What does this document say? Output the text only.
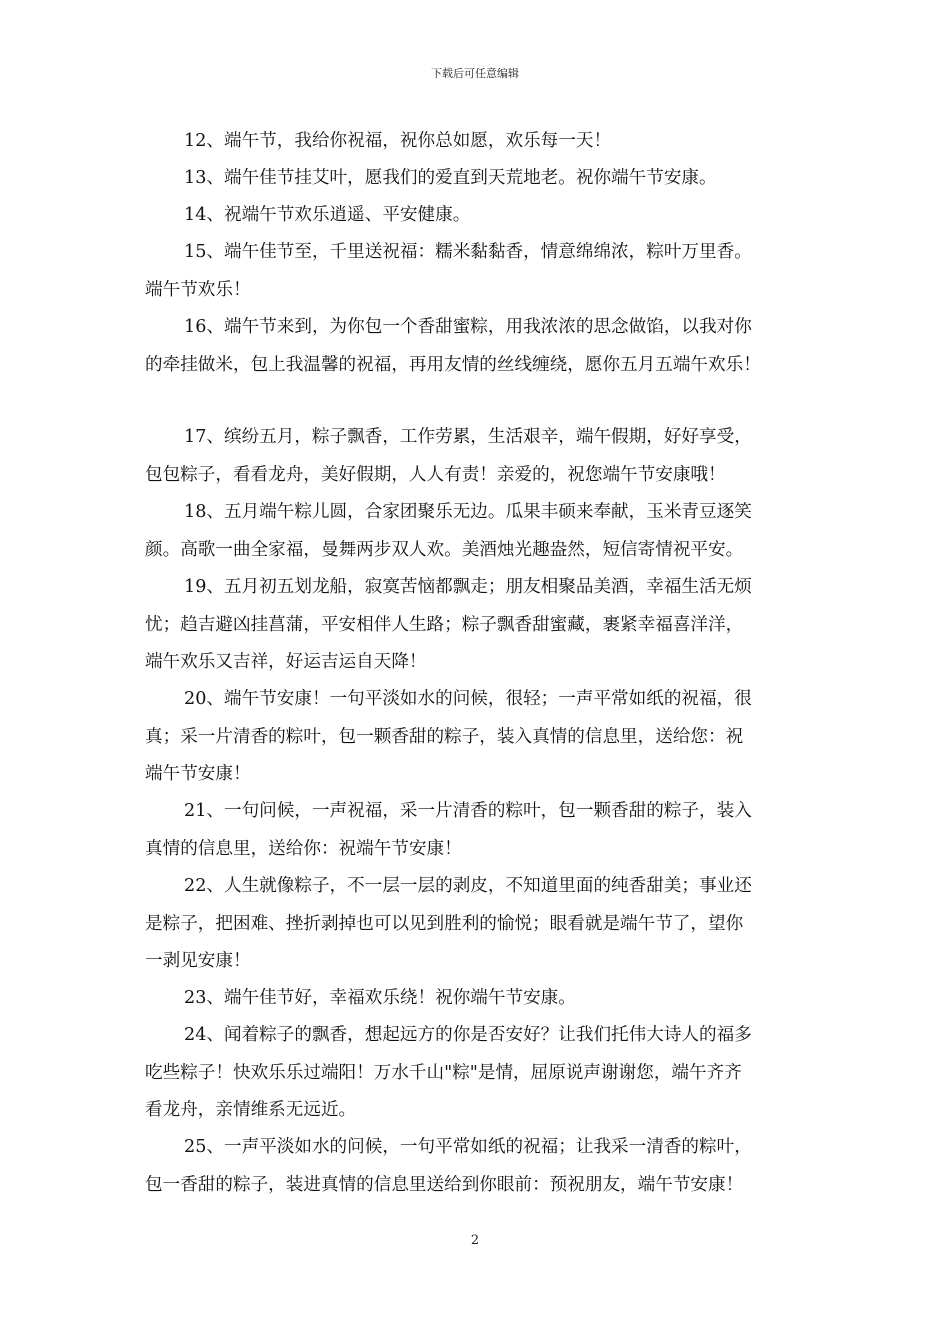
下载后可任意编辑
12、端午节，我给你祝福，祝你总如愿，欢乐每一天！
13、端午佳节挂艾叶，愿我们的爱直到天荒地老。祝你端午节安康。
14、祝端午节欢乐逍遥、平安健康。
15、端午佳节至，千里送祝福：糯米黏黏香，情意绵绵浓，粽叶万里香。
端午节欢乐！
16、端午节来到，为你包一个香甜蜜粽，用我浓浓的思念做馅，以我对你
的牵挂做米，包上我温馨的祝福，再用友情的丝线缠绕，愿你五月五端午欢乐！
17、缤纷五月，粽子飘香，工作劳累，生活艰辛，端午假期，好好享受，
包包粽子，看看龙舟，美好假期，人人有责！亲爱的，祝您端午节安康哦！
18、五月端午粽儿圆，合家团聚乐无边。瓜果丰硕来奉献，玉米青豆逐笑
颜。高歌一曲全家福，曼舞两步双人欢。美酒烛光趣盎然，短信寄情祝平安。
19、五月初五划龙船，寂寞苦恼都飘走；朋友相聚品美酒，幸福生活无烦
忧；趋吉避凶挂菖蒲，平安相伴人生路；粽子飘香甜蜜藏，裹紧幸福喜洋洋，
端午欢乐又吉祥，好运吉运自天降！
20、端午节安康！一句平淡如水的问候，很轻；一声平常如纸的祝福，很
真；采一片清香的粽叶，包一颗香甜的粽子，装入真情的信息里，送给您：祝
端午节安康！
21、一句问候，一声祝福，采一片清香的粽叶，包一颗香甜的粽子，装入
真情的信息里，送给你：祝端午节安康！
22、人生就像粽子，不一层一层的剥皮，不知道里面的纯香甜美；事业还
是粽子，把困难、挫折剥掉也可以见到胜利的愉悦；眼看就是端午节了，望你
一剥见安康！
23、端午佳节好，幸福欢乐绕！祝你端午节安康。
24、闻着粽子的飘香，想起远方的你是否安好？让我们托伟大诗人的福多
吃些粽子！快欢乐乐过端阳！万水千山"粽"是情，屈原说声谢谢您，端午齐齐
看龙舟，亲情维系无远近。
25、一声平淡如水的问候，一句平常如纸的祝福；让我采一清香的粽叶，
包一香甜的粽子，装进真情的信息里送给到你眼前：预祝朋友，端午节安康！
2
